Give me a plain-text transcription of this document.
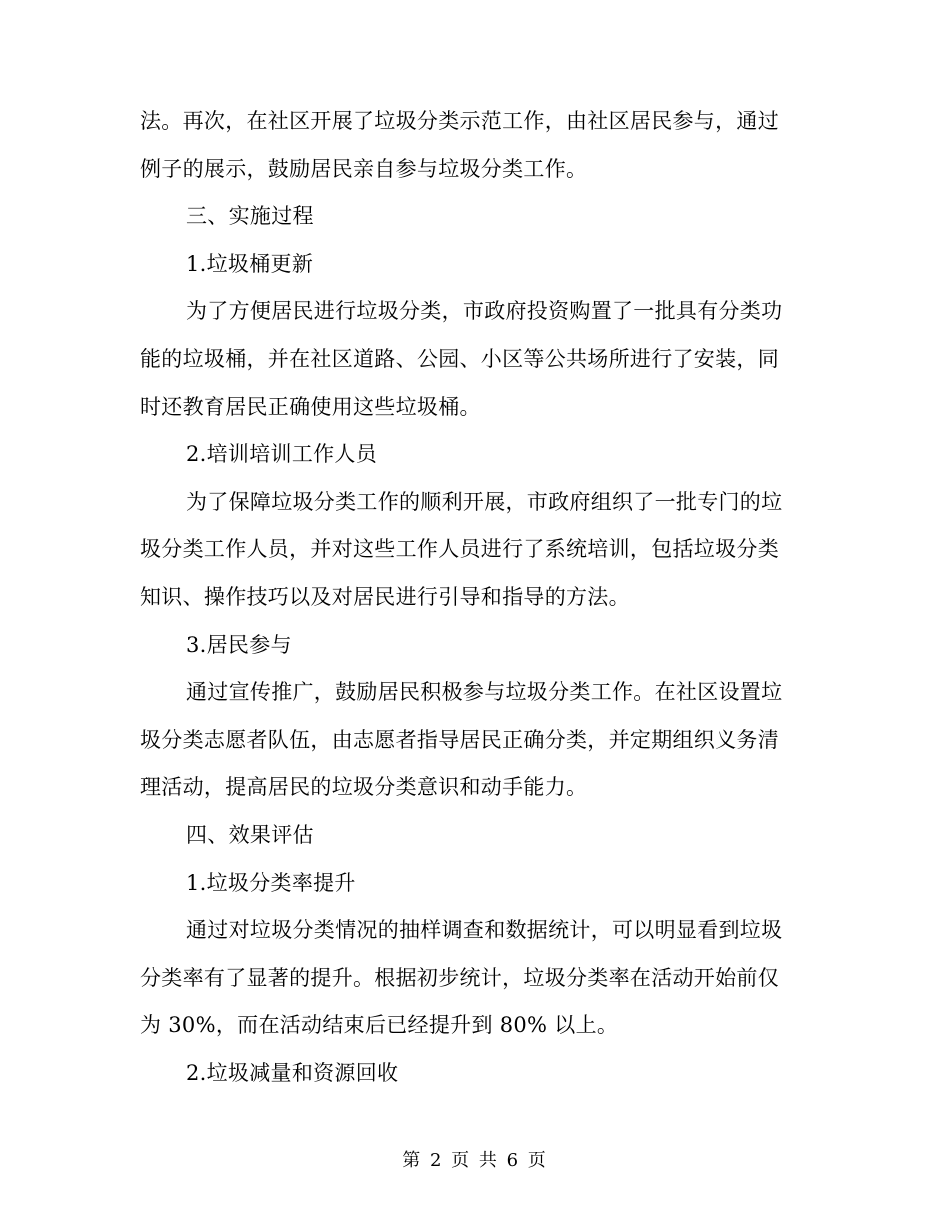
法。再次，在社区开展了垃圾分类示范工作，由社区居民参与，通过
例子的展示，鼓励居民亲自参与垃圾分类工作。
三、实施过程
1.垃圾桶更新
为了方便居民进行垃圾分类，市政府投资购置了一批具有分类功
能的垃圾桶，并在社区道路、公园、小区等公共场所进行了安装，同
时还教育居民正确使用这些垃圾桶。
2.培训培训工作人员
为了保障垃圾分类工作的顺利开展，市政府组织了一批专门的垃
圾分类工作人员，并对这些工作人员进行了系统培训，包括垃圾分类
知识、操作技巧以及对居民进行引导和指导的方法。
3.居民参与
通过宣传推广，鼓励居民积极参与垃圾分类工作。在社区设置垃
圾分类志愿者队伍，由志愿者指导居民正确分类，并定期组织义务清
理活动，提高居民的垃圾分类意识和动手能力。
四、效果评估
1.垃圾分类率提升
通过对垃圾分类情况的抽样调查和数据统计，可以明显看到垃圾
分类率有了显著的提升。根据初步统计，垃圾分类率在活动开始前仅
为 30%，而在活动结束后已经提升到 80% 以上。
2.垃圾减量和资源回收
第 2 页 共 6 页
